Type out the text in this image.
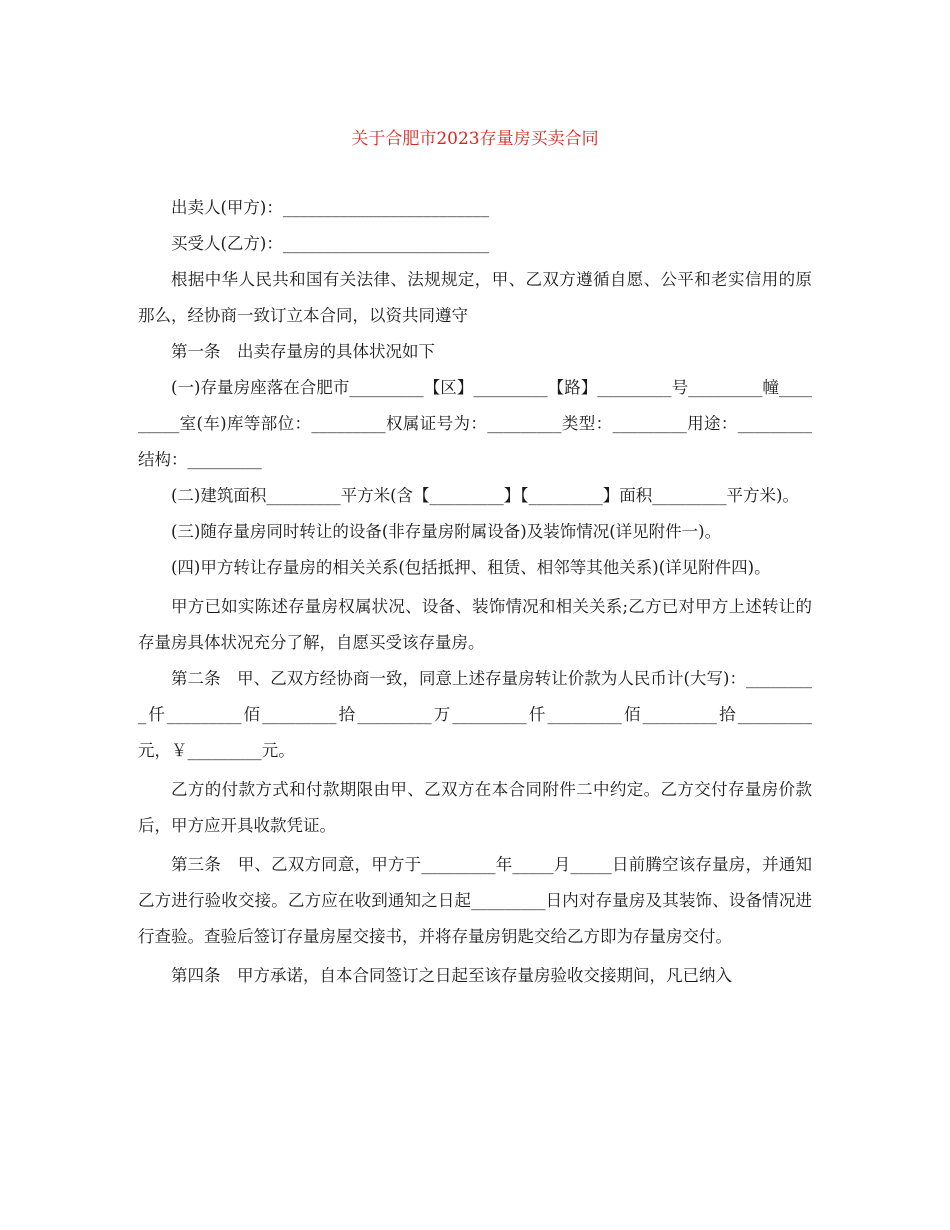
关于合肥市2023存量房买卖合同

出卖人(甲方)：_________________________

买受人(乙方)：_________________________

根据中华人民共和国有关法律、法规规定，甲、乙双方遵循自愿、公平和老实信用的原那么，经协商一致订立本合同，以资共同遵守

第一条　出卖存量房的具体状况如下

(一)存量房座落在合肥市_________【区】_________【路】_________号_________幢_________室(车)库等部位：_________权属证号为：_________类型：_________用途：_________结构：_________

(二)建筑面积_________平方米(含【_________】【_________】面积_________平方米)。

(三)随存量房同时转让的设备(非存量房附属设备)及装饰情况(详见附件一)。

(四)甲方转让存量房的相关关系(包括抵押、租赁、相邻等其他关系)(详见附件四)。

甲方已如实陈述存量房权属状况、设备、装饰情况和相关关系;乙方已对甲方上述转让的存量房具体状况充分了解，自愿买受该存量房。

第二条　甲、乙双方经协商一致，同意上述存量房转让价款为人民币计(大写)：_________仟_________佰_________拾_________万_________仟_________佰_________拾_________元，￥_________元。

乙方的付款方式和付款期限由甲、乙双方在本合同附件二中约定。乙方交付存量房价款后，甲方应开具收款凭证。

第三条　甲、乙双方同意，甲方于_________年_____月_____日前腾空该存量房，并通知乙方进行验收交接。乙方应在收到通知之日起_________日内对存量房及其装饰、设备情况进行查验。查验后签订存量房屋交接书，并将存量房钥匙交给乙方即为存量房交付。

第四条　甲方承诺，自本合同签订之日起至该存量房验收交接期间，凡已纳入
